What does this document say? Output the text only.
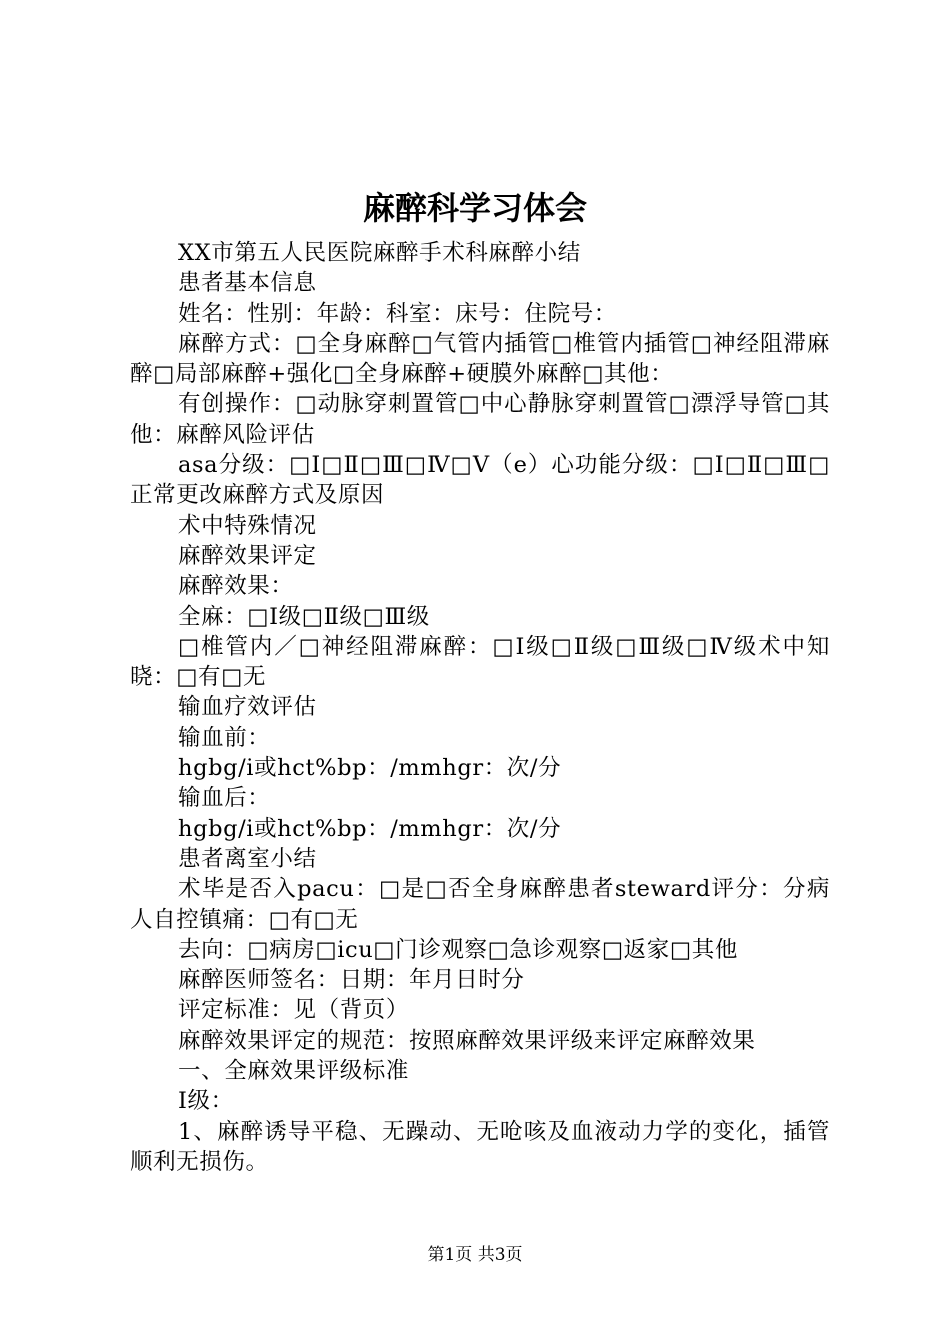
麻醉科学习体会

XX市第五人民医院麻醉手术科麻醉小结

患者基本信息

姓名：性别：年龄：科室：床号：住院号：

麻醉方式：□全身麻醉□气管内插管□椎管内插管□神经阻滞麻醉□局部麻醉+强化□全身麻醉+硬膜外麻醉□其他：

有创操作：□动脉穿刺置管□中心静脉穿刺置管□漂浮导管□其他：麻醉风险评估

asa分级：□Ⅰ□Ⅱ□Ⅲ□Ⅳ□Ⅴ（e）心功能分级：□Ⅰ□Ⅱ□Ⅲ□正常更改麻醉方式及原因

术中特殊情况

麻醉效果评定

麻醉效果：

全麻：□Ⅰ级□Ⅱ级□Ⅲ级

□椎管内／□神经阻滞麻醉：□Ⅰ级□Ⅱ级□Ⅲ级□Ⅳ级术中知晓：□有□无

输血疗效评估

输血前：

hgbg/i或hct%bp：/mmhgr：次/分

输血后：

hgbg/i或hct%bp：/mmhgr：次/分

患者离室小结

术毕是否入pacu：□是□否全身麻醉患者steward评分：分病人自控镇痛：□有□无

去向：□病房□icu□门诊观察□急诊观察□返家□其他

麻醉医师签名：日期：年月日时分

评定标准：见（背页）

麻醉效果评定的规范：按照麻醉效果评级来评定麻醉效果

一、全麻效果评级标准

Ⅰ级：

1、麻醉诱导平稳、无躁动、无呛咳及血液动力学的变化，插管顺利无损伤。

第1页 共3页
